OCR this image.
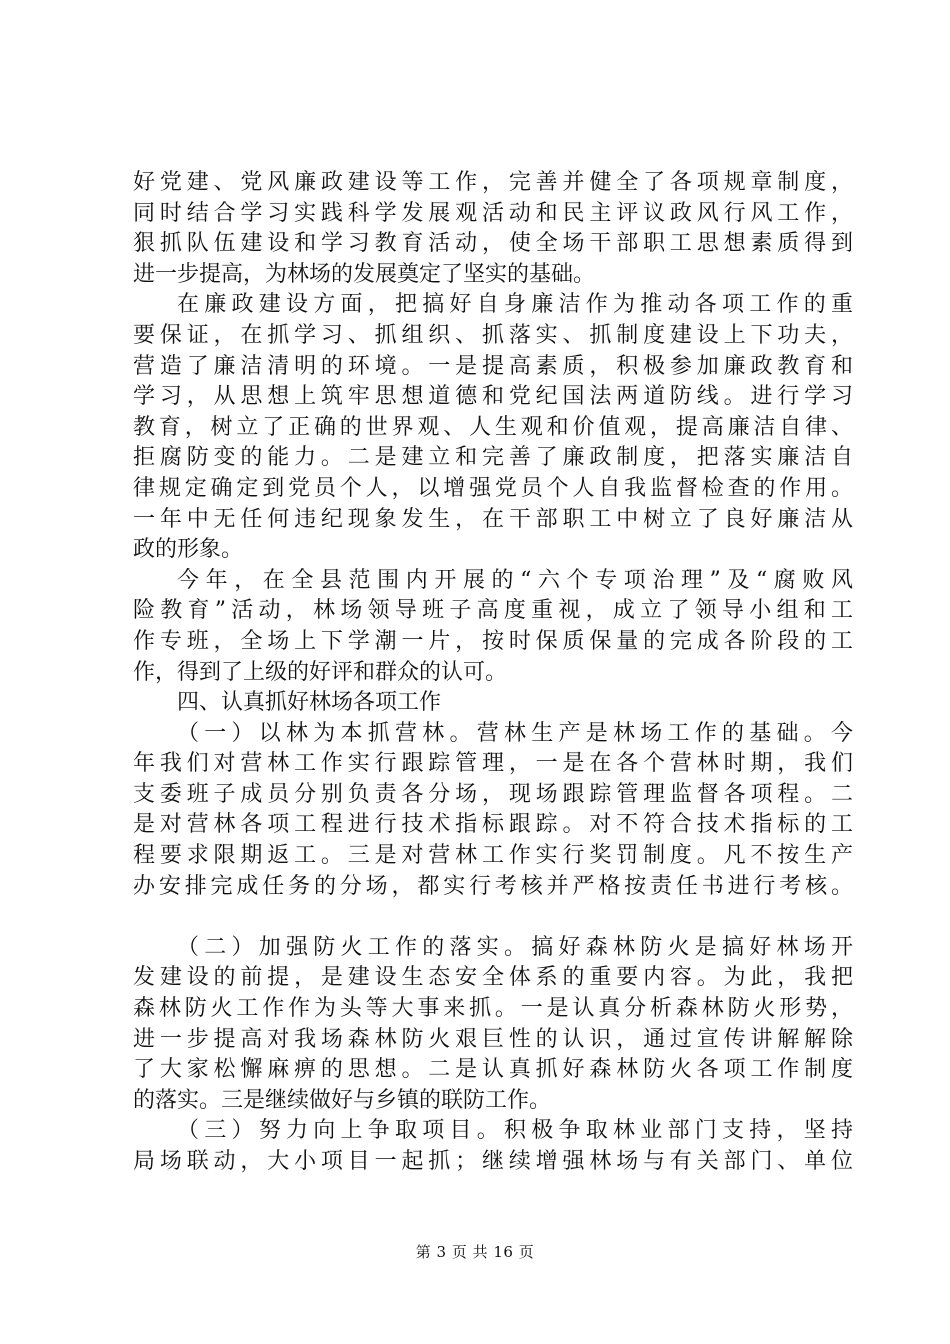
好党建、党风廉政建设等工作，完善并健全了各项规章制度，
同时结合学习实践科学发展观活动和民主评议政风行风工作，
狠抓队伍建设和学习教育活动，使全场干部职工思想素质得到
进一步提高，为林场的发展奠定了坚实的基础。
在廉政建设方面，把搞好自身廉洁作为推动各项工作的重
要保证，在抓学习、抓组织、抓落实、抓制度建设上下功夫，
营造了廉洁清明的环境。一是提高素质，积极参加廉政教育和
学习，从思想上筑牢思想道德和党纪国法两道防线。进行学习
教育，树立了正确的世界观、人生观和价值观，提高廉洁自律、
拒腐防变的能力。二是建立和完善了廉政制度，把落实廉洁自
律规定确定到党员个人，以增强党员个人自我监督检查的作用。
一年中无任何违纪现象发生，在干部职工中树立了良好廉洁从
政的形象。
今年，在全县范围内开展的“六个专项治理”及“腐败风
险教育”活动，林场领导班子高度重视，成立了领导小组和工
作专班，全场上下学潮一片，按时保质保量的完成各阶段的工
作，得到了上级的好评和群众的认可。
四、认真抓好林场各项工作
（一）以林为本抓营林。营林生产是林场工作的基础。今
年我们对营林工作实行跟踪管理，一是在各个营林时期，我们
支委班子成员分别负责各分场，现场跟踪管理监督各项程。二
是对营林各项工程进行技术指标跟踪。对不符合技术指标的工
程要求限期返工。三是对营林工作实行奖罚制度。凡不按生产
办安排完成任务的分场，都实行考核并严格按责任书进行考核。
（二）加强防火工作的落实。搞好森林防火是搞好林场开
发建设的前提，是建设生态安全体系的重要内容。为此，我把
森林防火工作作为头等大事来抓。一是认真分析森林防火形势，
进一步提高对我场森林防火艰巨性的认识，通过宣传讲解解除
了大家松懈麻痹的思想。二是认真抓好森林防火各项工作制度
的落实。三是继续做好与乡镇的联防工作。
（三）努力向上争取项目。积极争取林业部门支持，坚持
局场联动，大小项目一起抓；继续增强林场与有关部门、单位
第 3 页 共 16 页
